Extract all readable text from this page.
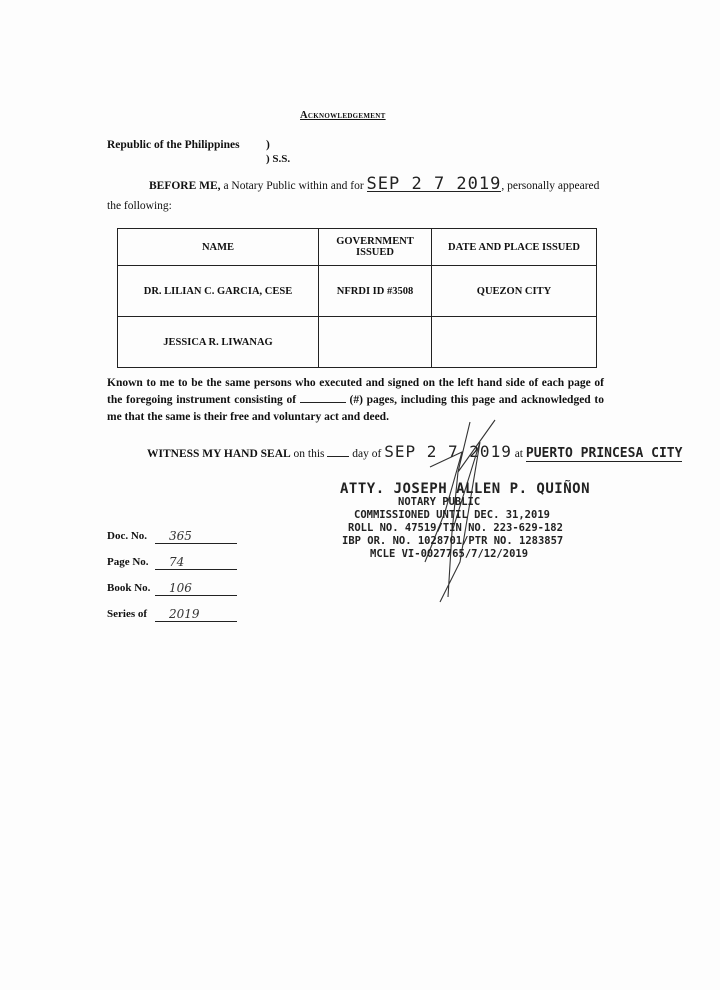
Acknowledgement
Republic of the Philippines )
) S.S.
BEFORE ME, a Notary Public within and for SEP 2 7 2019, personally appeared the following:
NAME	GOVERNMENT ISSUED	DATE AND PLACE ISSUED
DR. LILIAN C. GARCIA, CESE	NFRDI ID #3508	QUEZON CITY
JESSICA R. LIWANAG		
Known to me to be the same persons who executed and signed on the left hand side of each page of the foregoing instrument consisting of	(#) pages, including this page and acknowledged to me that the same is their free and voluntary act and deed.
WITNESS MY HAND SEAL on this  day of SEP 2 7 2019 at PUERTO PRINCESA CITY
ATTY. JOSEPH ALLEN P. QUIÑON
NOTARY PUBLIC
COMMISSIONED UNTIL DEC. 31,2019
ROLL NO. 47519/TIN NO. 223-629-182
IBP OR. NO. 1028701/PTR NO. 1283857
MCLE VI-0027765/7/12/2019
Doc. No.	365
Page No.	74
Book No.	106
Series of	2019
